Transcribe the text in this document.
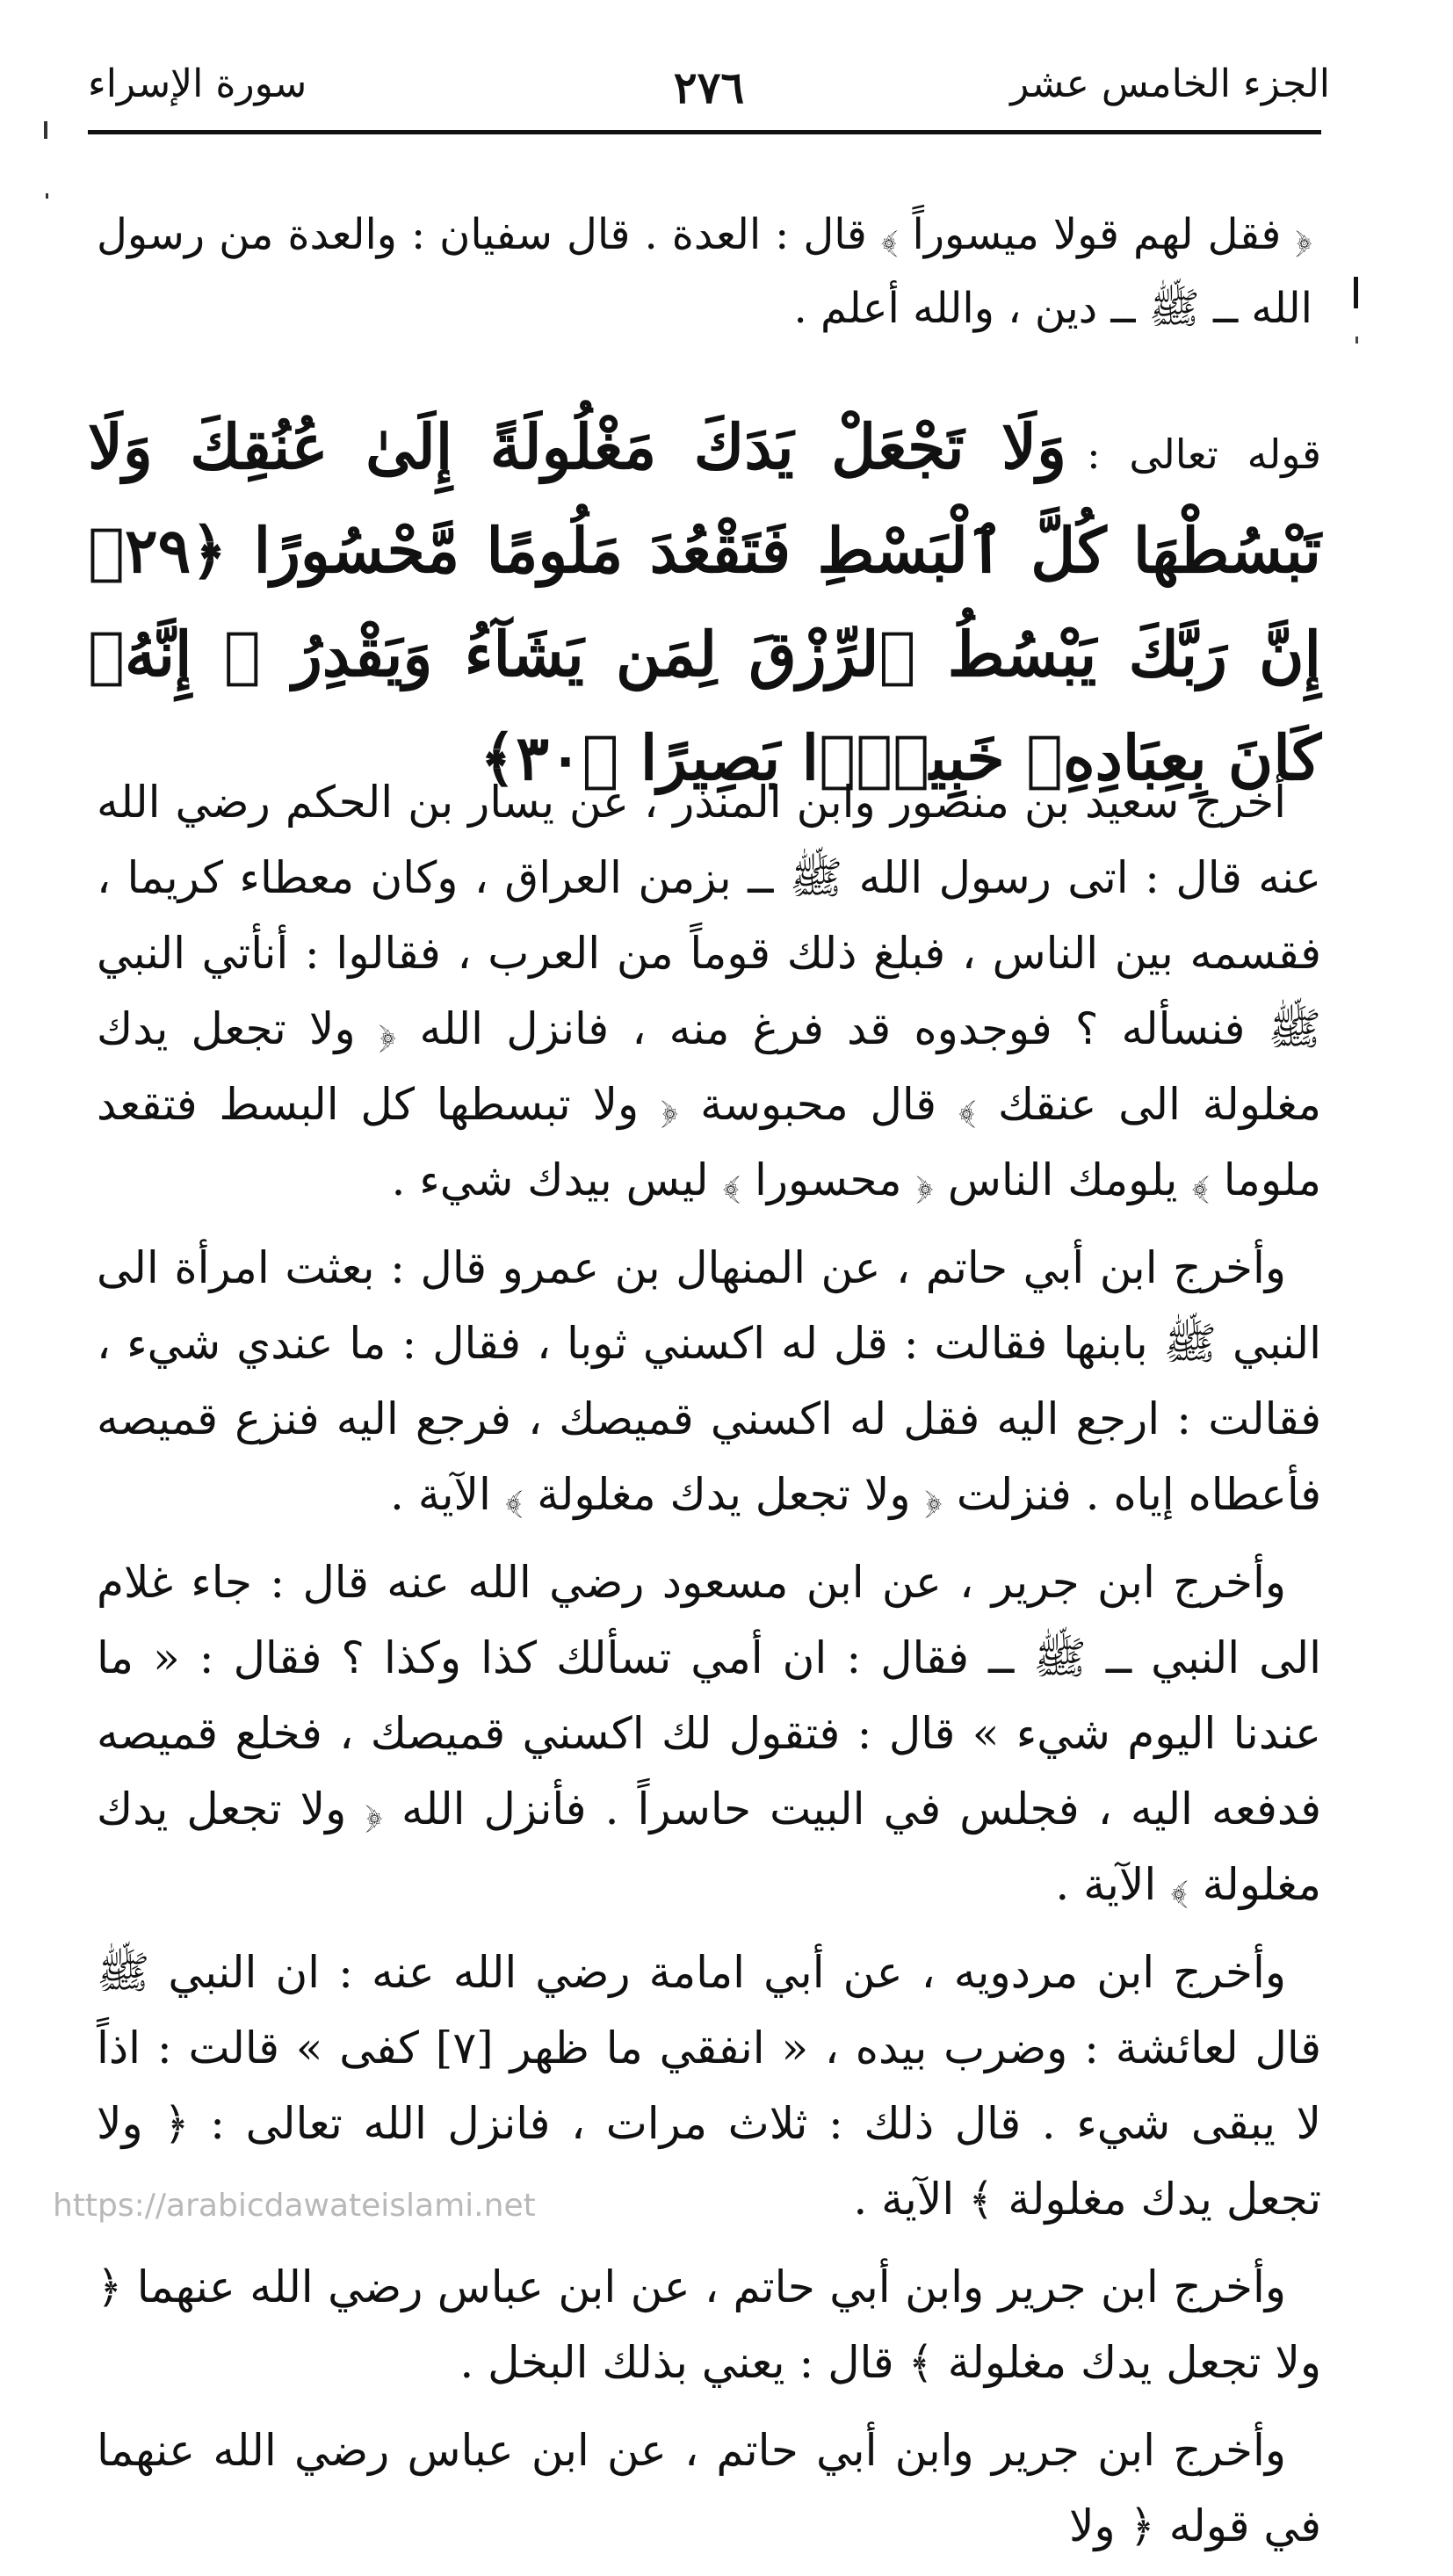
الجزء الخامس عشر
٢٧٦
سورة الإسراء

﴿ فقل لهم قولا ميسوراً ﴾ قال : العدة . قال سفيان : والعدة من رسول الله ــ ﷺ ــ دين ، والله أعلم .

قوله تعالى : وَلَا تَجْعَلْ يَدَكَ مَغْلُولَةً إِلَىٰ عُنُقِكَ وَلَا تَبْسُطْهَا كُلَّ ٱلْبَسْطِ فَتَقْعُدَ مَلُومًا مَّحْسُورًا ﴿٢٩﴾ إِنَّ رَبَّكَ يَبْسُطُ ٱلرِّزْقَ لِمَن يَشَآءُ وَيَقْدِرُ ۚ إِنَّهُۥ كَانَ بِعِبَادِهِۦ خَبِيرًۢا بَصِيرًا ﴿٣٠﴾

أخرج سعيد بن منصور وابن المنذر ، عن يسار بن الحكم رضي الله عنه قال : اتى رسول الله ﷺ ــ بزمن العراق ، وكان معطاء كريما ، فقسمه بين الناس ، فبلغ ذلك قوماً من العرب ، فقالوا : أنأتي النبي ﷺ فنسأله ؟ فوجدوه قد فرغ منه ، فانزل الله ﴿ ولا تجعل يدك مغلولة الى عنقك ﴾ قال محبوسة ﴿ ولا تبسطها كل البسط فتقعد ملوما ﴾ يلومك الناس ﴿ محسورا ﴾ ليس بيدك شيء .

وأخرج ابن أبي حاتم ، عن المنهال بن عمرو قال : بعثت امرأة الى النبي ﷺ بابنها فقالت : قل له اكسني ثوبا ، فقال : ما عندي شيء ، فقالت : ارجع اليه فقل له اكسني قميصك ، فرجع اليه فنزع قميصه فأعطاه إياه . فنزلت ﴿ ولا تجعل يدك مغلولة ﴾ الآية .

وأخرج ابن جرير ، عن ابن مسعود رضي الله عنه قال : جاء غلام الى النبي ــ ﷺ ــ فقال : ان أمي تسألك كذا وكذا ؟ فقال : « ما عندنا اليوم شيء » قال : فتقول لك اكسني قميصك ، فخلع قميصه فدفعه اليه ، فجلس في البيت حاسراً . فأنزل الله ﴿ ولا تجعل يدك مغلولة ﴾ الآية .

وأخرج ابن مردويه ، عن أبي امامة رضي الله عنه : ان النبي ﷺ قال لعائشة : وضرب بيده ، « انفقي ما ظهر [٧] كفى » قالت : اذاً لا يبقى شيء . قال ذلك : ثلاث مرات ، فانزل الله تعالى : ﴿ ولا تجعل يدك مغلولة ﴾ الآية .

وأخرج ابن جرير وابن أبي حاتم ، عن ابن عباس رضي الله عنهما ﴿ ولا تجعل يدك مغلولة ﴾ قال : يعني بذلك البخل .

وأخرج ابن جرير وابن أبي حاتم ، عن ابن عباس رضي الله عنهما في قوله ﴿ ولا

https://arabicdawateislami.net
